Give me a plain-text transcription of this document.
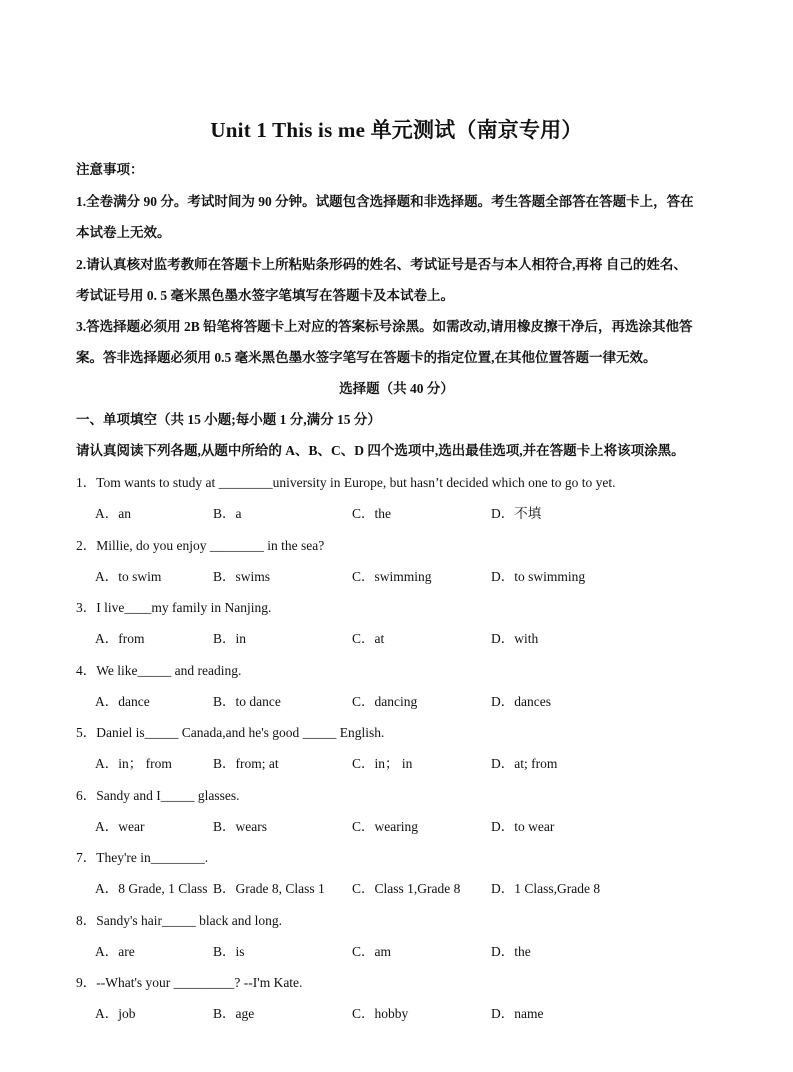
Unit 1 This is me 单元测试（南京专用）
注意事项：
1.全卷满分 90 分。考试时间为 90 分钟。试题包含选择题和非选择题。考生答题全部答在答题卡上，答在
本试卷上无效。
2.请认真核对监考教师在答题卡上所粘贴条形码的姓名、考试证号是否与本人相符合,再将 自己的姓名、
考试证号用 0. 5 毫米黑色墨水签字笔填写在答题卡及本试卷上。
3.答选择题必须用 2B 铅笔将答题卡上对应的答案标号涂黑。如需改动,请用橡皮擦干净后，再选涂其他答
案。答非选择题必须用 0.5 毫米黑色墨水签字笔写在答题卡的指定位置,在其他位置答题一律无效。
选择题（共 40 分）
一、单项填空（共 15 小题;每小题 1 分,满分 15 分）
请认真阅读下列各题,从题中所给的 A、B、C、D 四个选项中,选出最佳选项,并在答题卡上将该项涂黑。
1．Tom wants to study at ________university in Europe, but hasn’t decided which one to go to yet.
A．an	B．a	C．the	D．不填
2．Millie, do you enjoy ________ in the sea?
A．to swim	B．swims	C．swimming	D．to swimming
3．I live____my family in Nanjing.
A．from	B．in	C．at	D．with
4．We like_____ and reading.
A．dance	B．to dance	C．dancing	D．dances
5．Daniel is_____ Canada,and he's good _____ English.
A．in； from	B．from; at	C．in； in	D．at; from
6．Sandy and I_____ glasses.
A．wear	B．wears	C．wearing	D．to wear
7．They're in________.
A．8 Grade, 1 Class B．Grade 8, Class 1 C．Class 1,Grade 8 D．1 Class,Grade 8
8．Sandy's hair_____ black and long.
A．are	B．is	C．am	D．the
9．--What's your _________? --I'm Kate.
A．job	B．age	C．hobby	D．name
